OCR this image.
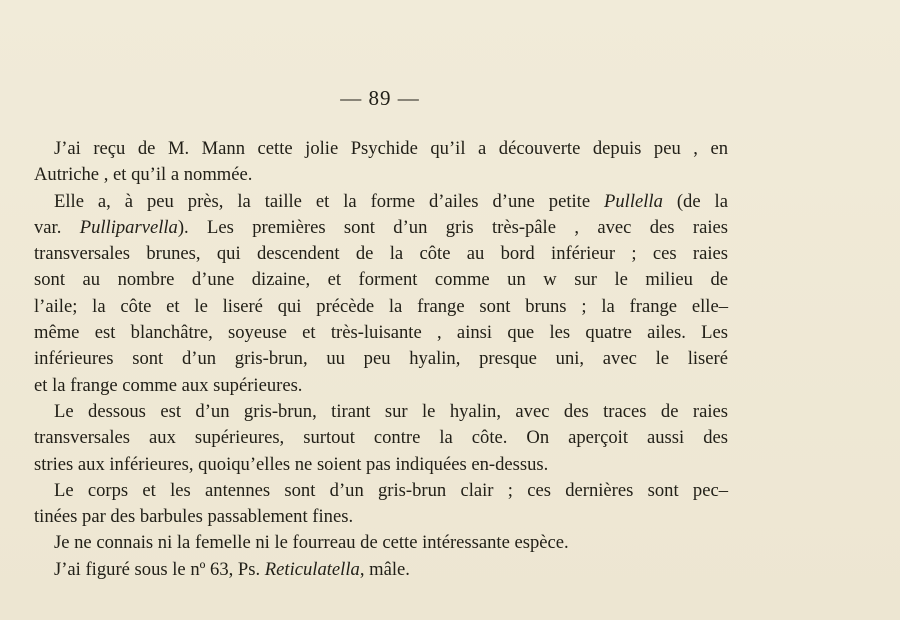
— 89 —
J’ai reçu de M. Mann cette jolie Psychide qu’il a découverte depuis peu , en
Autriche , et qu’il a nommée.
Elle a, à peu près, la taille et la forme d’ailes d’une petite Pullella (de la
var. Pulliparvella). Les premières sont d’un gris très-pâle , avec des raies
transversales brunes, qui descendent de la côte au bord inférieur ; ces raies
sont au nombre d’une dizaine, et forment comme un w sur le milieu de
l’aile; la côte et le liseré qui précède la frange sont bruns ; la frange elle–
même est blanchâtre, soyeuse et très-luisante , ainsi que les quatre ailes. Les
inférieures sont d’un gris-brun, uu peu hyalin, presque uni, avec le liseré
et la frange comme aux supérieures.
Le dessous est d’un gris-brun, tirant sur le hyalin, avec des traces de raies
transversales aux supérieures, surtout contre la côte. On aperçoit aussi des
stries aux inférieures, quoiqu’elles ne soient pas indiquées en-dessus.
Le corps et les antennes sont d’un gris-brun clair ; ces dernières sont pec–
tinées par des barbules passablement fines.
Je ne connais ni la femelle ni le fourreau de cette intéressante espèce.
J’ai figuré sous le nº 63, Ps. Reticulatella, mâle.
